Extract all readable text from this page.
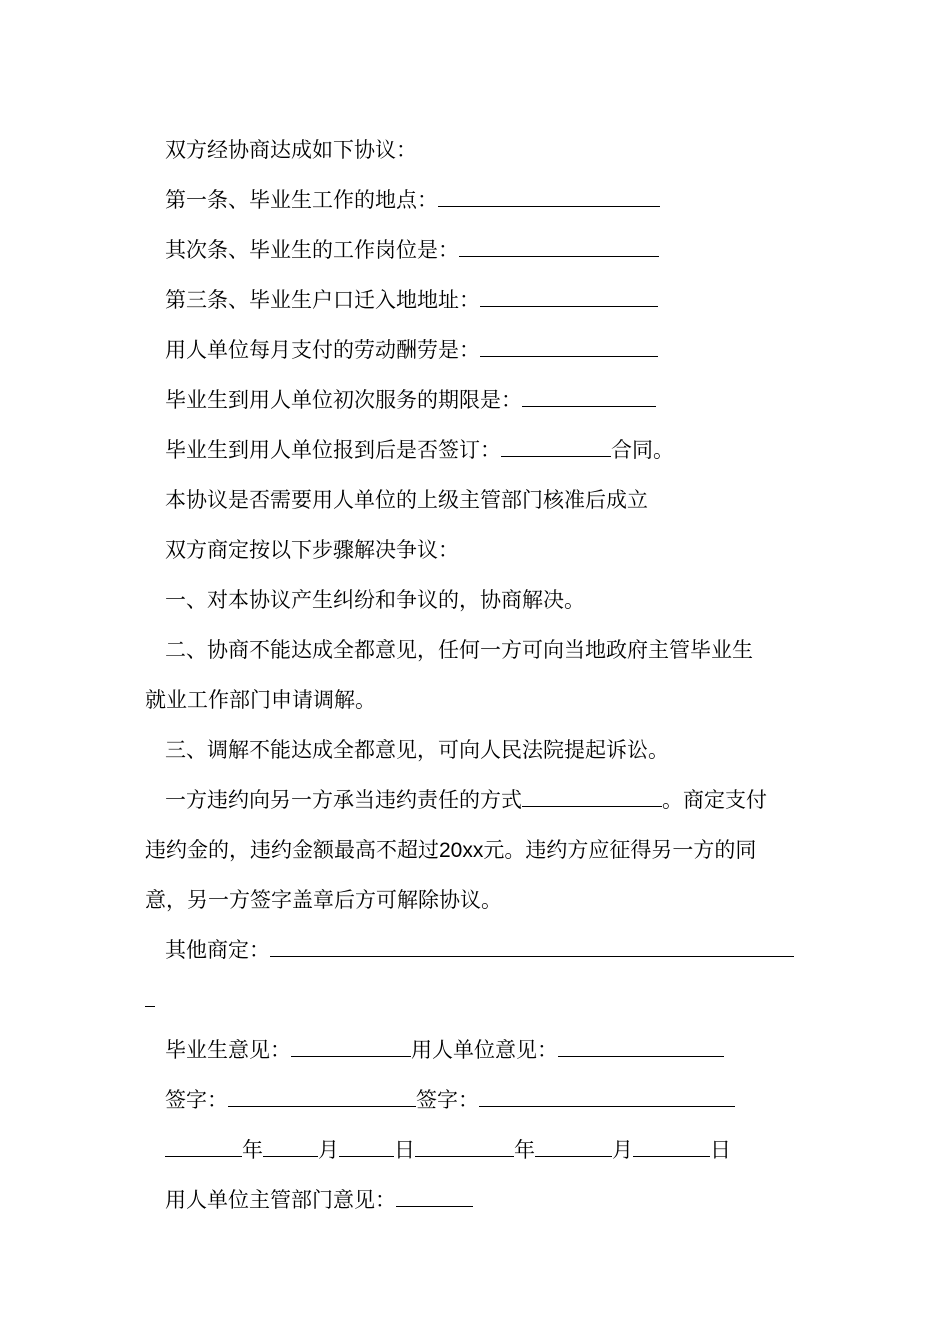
双方经协商达成如下协议：
第一条、毕业生工作的地点：
其次条、毕业生的工作岗位是：
第三条、毕业生户口迁入地地址：
用人单位每月支付的劳动酬劳是：
毕业生到用人单位初次服务的期限是：
毕业生到用人单位报到后是否签订：	合同。
本协议是否需要用人单位的上级主管部门核准后成立
双方商定按以下步骤解决争议：
一、对本协议产生纠纷和争议的，协商解决。
二、协商不能达成全都意见，任何一方可向当地政府主管毕业生
就业工作部门申请调解。
三、调解不能达成全都意见，可向人民法院提起诉讼。
一方违约向另一方承当违约责任的方式	。商定支付
违约金的，违约金额最高不超过20xx元。违约方应征得另一方的同
意，另一方签字盖章后方可解除协议。
其他商定：
毕业生意见：	用人单位意见：
签字：	签字：
年	月	日	年	月	日
用人单位主管部门意见：
